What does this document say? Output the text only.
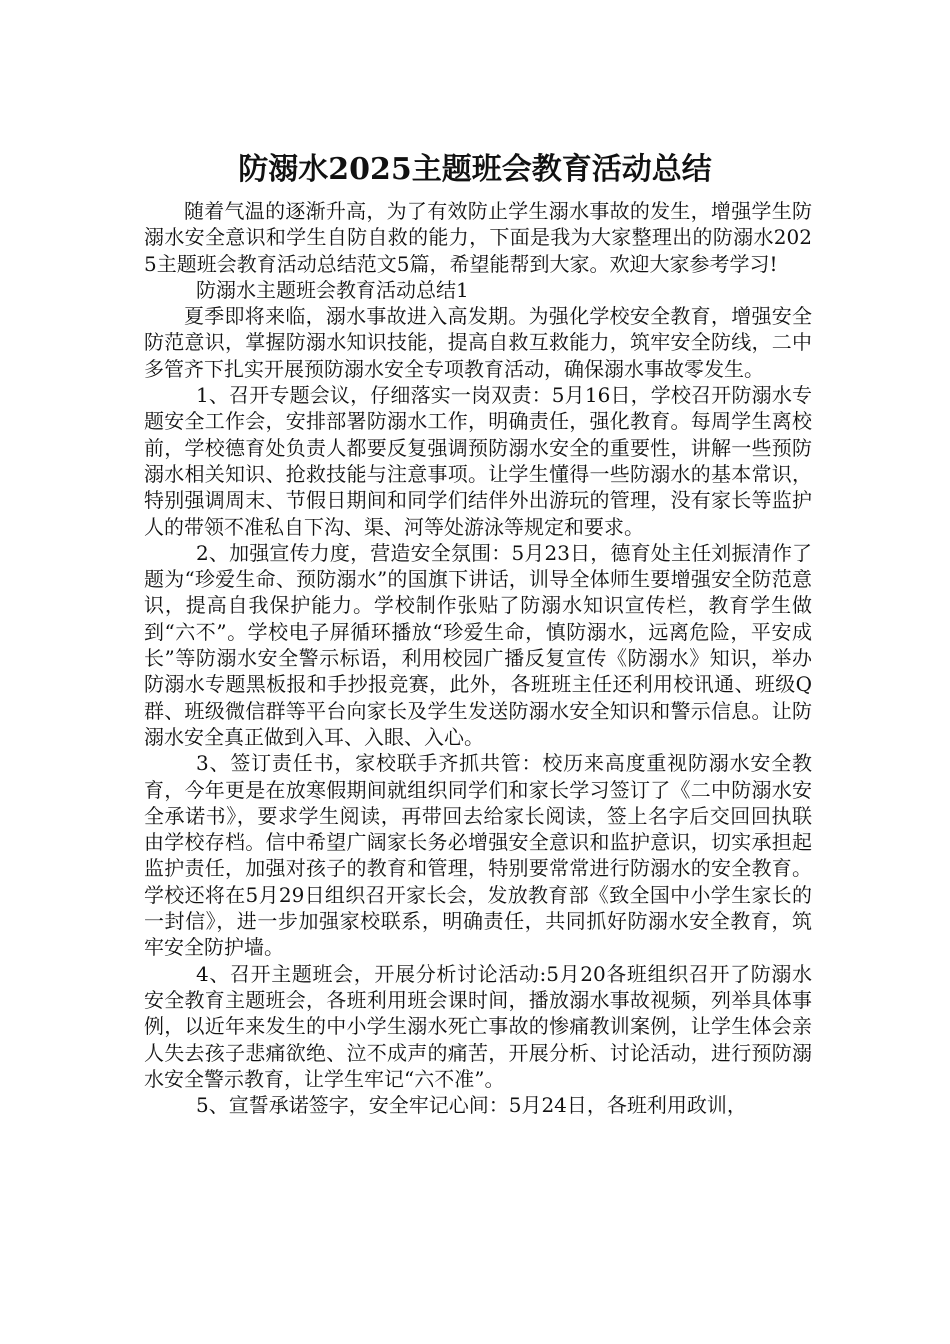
防溺水2025主题班会教育活动总结

随着气温的逐渐升高，为了有效防止学生溺水事故的发生，增强学生防溺水安全意识和学生自防自救的能力，下面是我为大家整理出的防溺水2025主题班会教育活动总结范文5篇，希望能帮到大家。欢迎大家参考学习!

防溺水主题班会教育活动总结1

夏季即将来临，溺水事故进入高发期。为强化学校安全教育，增强安全防范意识，掌握防溺水知识技能，提高自救互救能力，筑牢安全防线，二中多管齐下扎实开展预防溺水安全专项教育活动，确保溺水事故零发生。

1、召开专题会议，仔细落实一岗双责：5月16日，学校召开防溺水专题安全工作会，安排部署防溺水工作，明确责任，强化教育。每周学生离校前，学校德育处负责人都要反复强调预防溺水安全的重要性，讲解一些预防溺水相关知识、抢救技能与注意事项。让学生懂得一些防溺水的基本常识，特别强调周末、节假日期间和同学们结伴外出游玩的管理，没有家长等监护人的带领不准私自下沟、渠、河等处游泳等规定和要求。

2、加强宣传力度，营造安全氛围：5月23日，德育处主任刘振清作了题为“珍爱生命、预防溺水”的国旗下讲话，训导全体师生要增强安全防范意识，提高自我保护能力。学校制作张贴了防溺水知识宣传栏，教育学生做到“六不”。学校电子屏循环播放“珍爱生命，慎防溺水，远离危险，平安成长”等防溺水安全警示标语，利用校园广播反复宣传《防溺水》知识，举办防溺水专题黑板报和手抄报竞赛，此外，各班班主任还利用校讯通、班级Q群、班级微信群等平台向家长及学生发送防溺水安全知识和警示信息。让防溺水安全真正做到入耳、入眼、入心。

3、签订责任书，家校联手齐抓共管：校历来高度重视防溺水安全教育，今年更是在放寒假期间就组织同学们和家长学习签订了《二中防溺水安全承诺书》，要求学生阅读，再带回去给家长阅读，签上名字后交回回执联由学校存档。信中希望广阔家长务必增强安全意识和监护意识，切实承担起监护责任，加强对孩子的教育和管理，特别要常常进行防溺水的安全教育。学校还将在5月29日组织召开家长会，发放教育部《致全国中小学生家长的一封信》，进一步加强家校联系，明确责任，共同抓好防溺水安全教育，筑牢安全防护墙。

4、召开主题班会，开展分析讨论活动:5月20各班组织召开了防溺水安全教育主题班会，各班利用班会课时间，播放溺水事故视频，列举具体事例，以近年来发生的中小学生溺水死亡事故的惨痛教训案例，让学生体会亲人失去孩子悲痛欲绝、泣不成声的痛苦，开展分析、讨论活动，进行预防溺水安全警示教育，让学生牢记“六不准”。

5、宣誓承诺签字，安全牢记心间：5月24日，各班利用政训，
